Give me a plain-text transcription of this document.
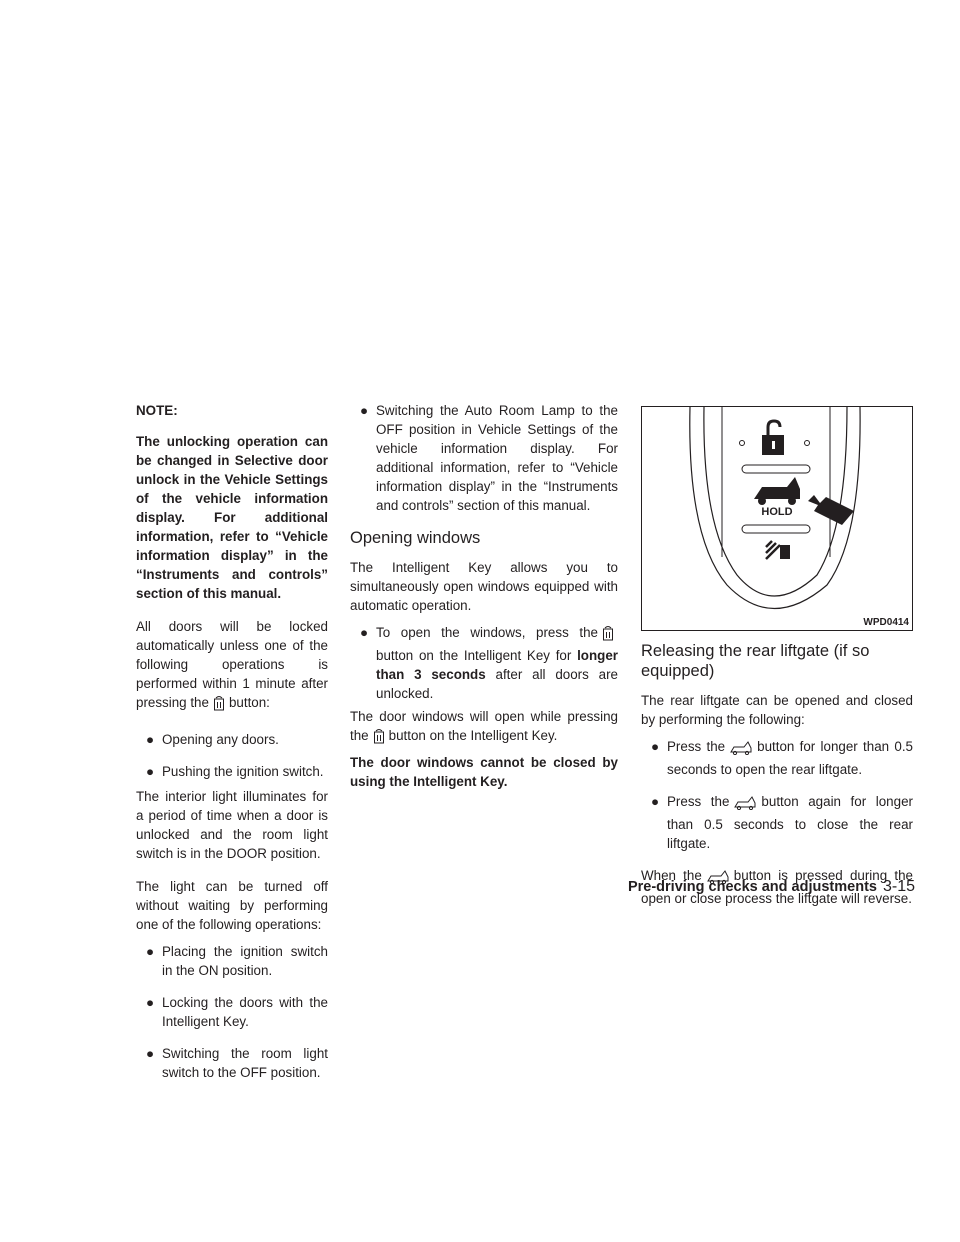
NOTE:

The unlocking operation can be changed in Selective door unlock in the Vehicle Settings of the vehicle information display. For additional information, refer to “Vehicle information display” in the “Instruments and controls” section of this manual.

All doors will be locked automatically unless one of the following operations is performed within 1 minute after pressing the button:

● Opening any doors.
● Pushing the ignition switch.

The interior light illuminates for a period of time when a door is unlocked and the room light switch is in the DOOR position.

The light can be turned off without waiting by performing one of the following operations:

● Placing the ignition switch in the ON position.
● Locking the doors with the Intelligent Key.
● Switching the room light switch to the OFF position.
● Switching the Auto Room Lamp to the OFF position in Vehicle Settings of the vehicle information display. For additional information, refer to “Vehicle information display” in the “Instruments and controls” section of this manual.
Opening windows

The Intelligent Key allows you to simultaneously open windows equipped with automatic operation.

● To open the windows, press thebutton on the Intelligent Key for longer than 3 seconds after all doors are unlocked.

The door windows will open while pressing the button on the Intelligent Key.

The door windows cannot be closed by using the Intelligent Key.

HOLD
WPD0414
Releasing the rear liftgate (if so equipped)

The rear liftgate can be opened and closed by performing the following:

● Press the button for longer than 0.5 seconds to open the rear liftgate.
● Press the button again for longer than 0.5 seconds to close the rear liftgate.

When the button is pressed during the open or close process the liftgate will reverse.

Pre-driving checks and adjustments 3-15
